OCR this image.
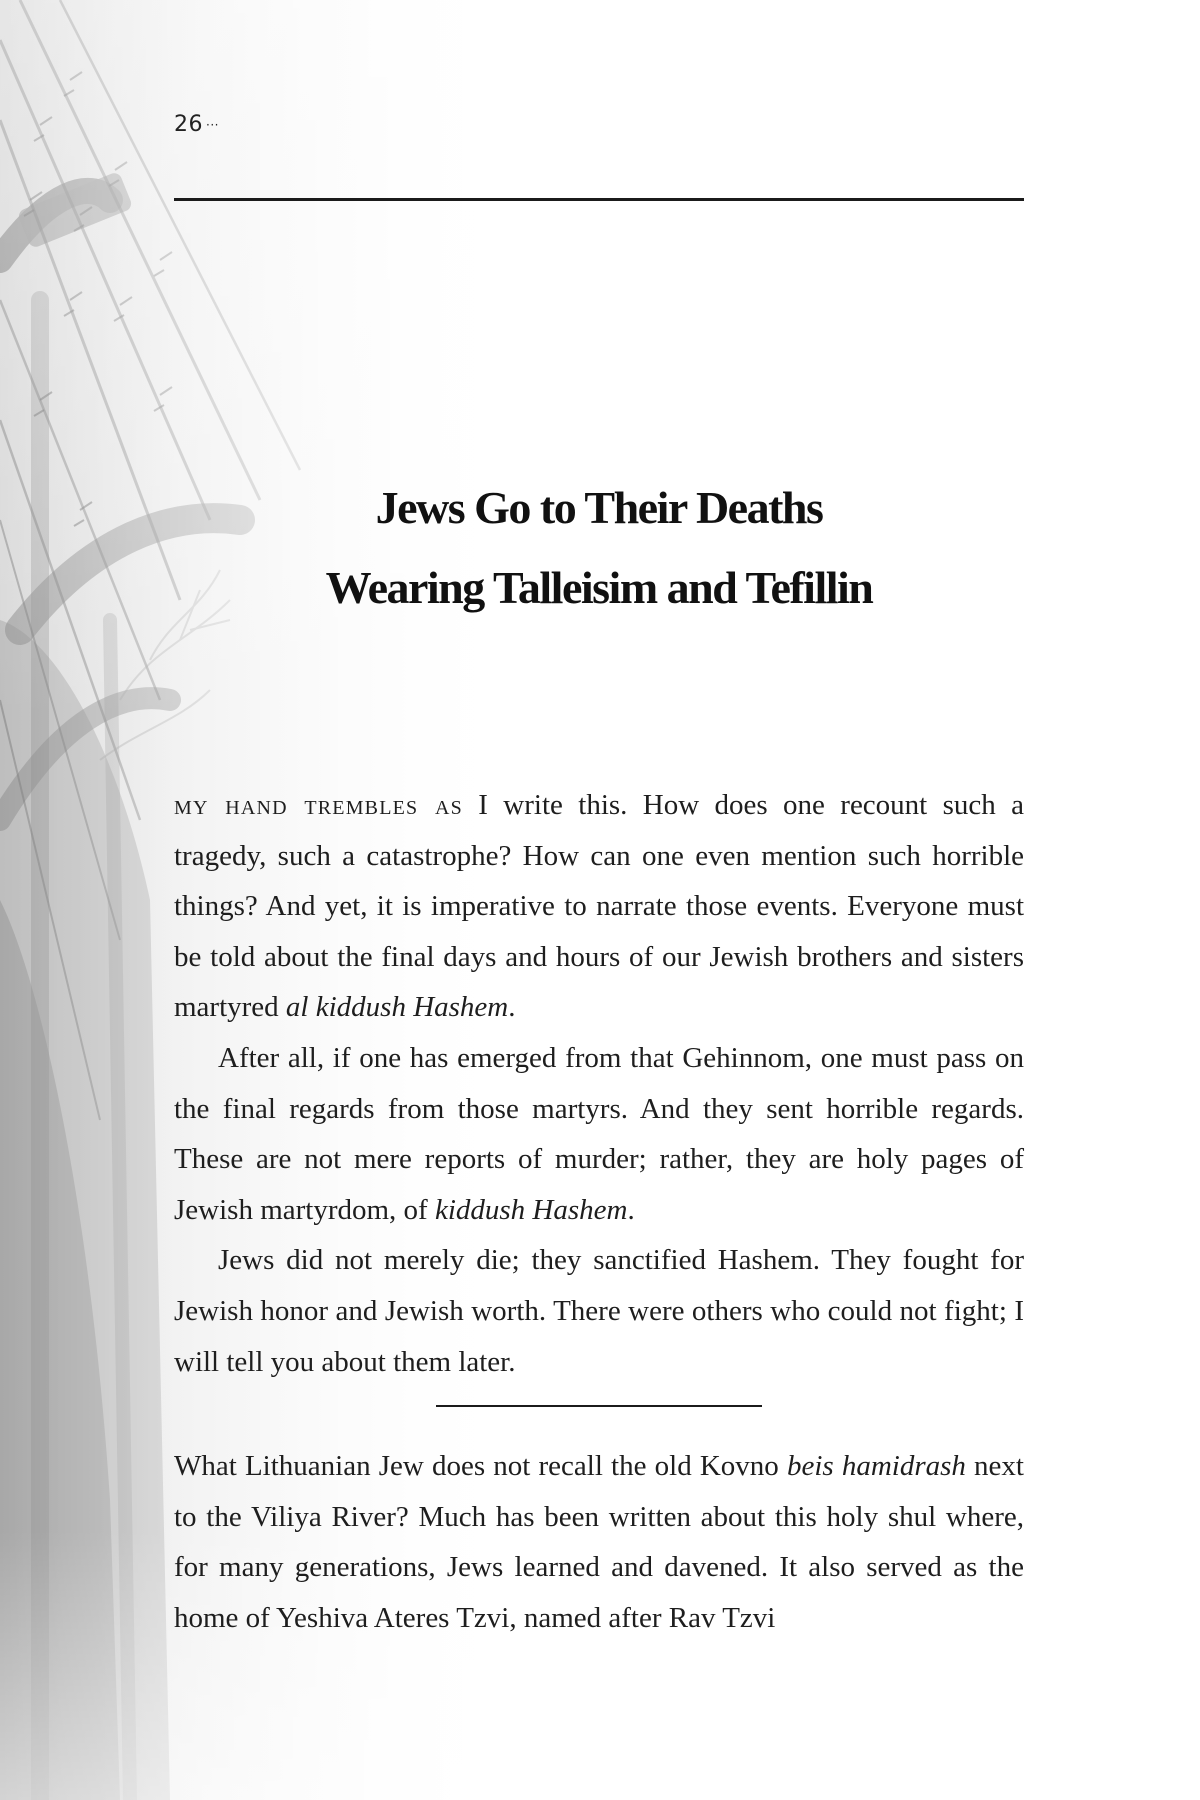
26 ···
Jews Go to Their Deaths
Wearing Talleisim and Tefillin

my hand trembles as I write this. How does one recount such a tragedy, such a catastrophe? How can one even mention such horrible things? And yet, it is imperative to narrate those events. Everyone must be told about the final days and hours of our Jewish brothers and sisters martyred al kiddush Hashem.

After all, if one has emerged from that Gehinnom, one must pass on the final regards from those martyrs. And they sent horrible regards. These are not mere reports of murder; rather, they are holy pages of Jewish martyrdom, of kiddush Hashem.

Jews did not merely die; they sanctified Hashem. They fought for Jewish honor and Jewish worth. There were others who could not fight; I will tell you about them later.

What Lithuanian Jew does not recall the old Kovno beis hamidrash next to the Viliya River? Much has been written about this holy shul where, for many generations, Jews learned and davened. It also served as the home of Yeshiva Ateres Tzvi, named after Rav Tzvi
